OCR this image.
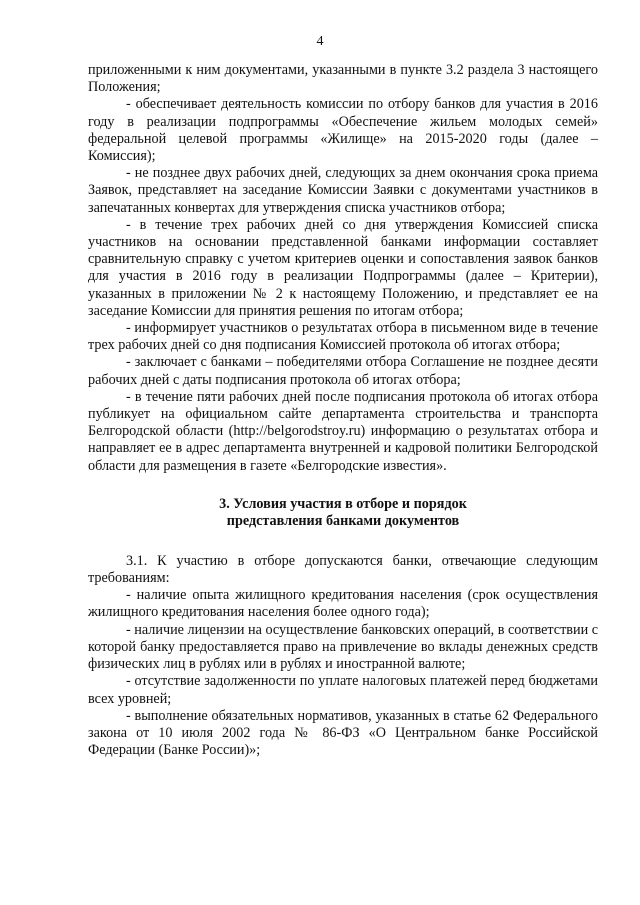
4

приложенными к ним документами, указанными в пункте 3.2 раздела 3 настоящего Положения;

- обеспечивает деятельность комиссии по отбору банков для участия в 2016 году в реализации подпрограммы «Обеспечение жильем молодых семей» федеральной целевой программы «Жилище» на 2015-2020 годы (далее – Комиссия);

- не позднее двух рабочих дней, следующих за днем окончания срока приема Заявок, представляет на заседание Комиссии Заявки с документами участников в запечатанных конвертах для утверждения списка участников отбора;

- в течение трех рабочих дней со дня утверждения Комиссией списка участников на основании представленной банками информации составляет сравнительную справку с учетом критериев оценки и сопоставления заявок банков для участия в 2016 году в реализации Подпрограммы (далее – Критерии), указанных в приложении № 2 к настоящему Положению, и представляет ее на заседание Комиссии для принятия решения по итогам отбора;

- информирует участников о результатах отбора в письменном виде в течение трех рабочих дней со дня подписания Комиссией протокола об итогах отбора;

- заключает с банками – победителями отбора Соглашение не позднее десяти рабочих дней с даты подписания протокола об итогах отбора;

- в течение пяти рабочих дней после подписания протокола об итогах отбора публикует на официальном сайте департамента строительства и транспорта Белгородской области (http://belgorodstroy.ru) информацию о результатах отбора и направляет ее в адрес департамента внутренней и кадровой политики Белгородской области для размещения в газете «Белгородские известия».

3. Условия участия в отборе и порядок
представления банками документов

3.1. К участию в отборе допускаются банки, отвечающие следующим требованиям:

- наличие опыта жилищного кредитования населения (срок осуществления жилищного кредитования населения более одного года);

- наличие лицензии на осуществление банковских операций, в соответствии с которой банку предоставляется право на привлечение во вклады денежных средств физических лиц в рублях или в рублях и иностранной валюте;

- отсутствие задолженности по уплате налоговых платежей перед бюджетами всех уровней;

- выполнение обязательных нормативов, указанных в статье 62 Федерального закона от 10 июля 2002 года № 86-ФЗ «О Центральном банке Российской Федерации (Банке России)»;
